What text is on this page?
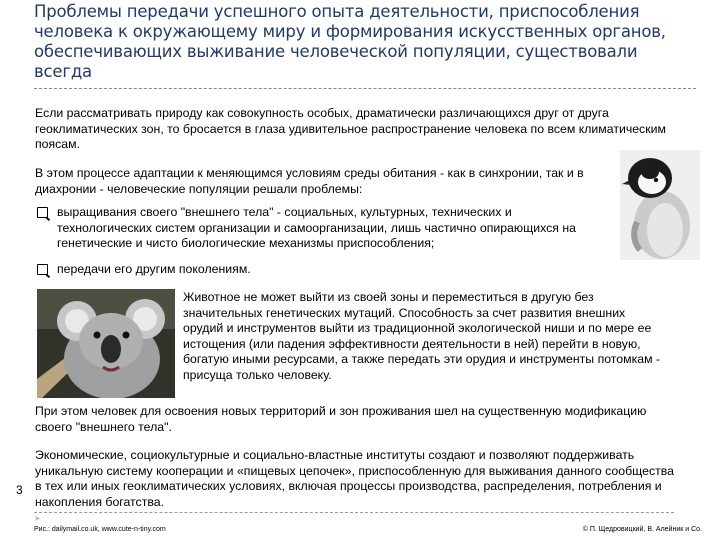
Проблемы передачи успешного опыта деятельности, приспособления человека к окружающему миру и формирования искусственных органов, обеспечивающих выживание человеческой популяции, существовали всегда
Если рассматривать природу как совокупность особых, драматически различающихся друг от друга геоклиматических зон, то бросается в глаза удивительное распространение человека по всем климатическим поясам.
В этом процессе адаптации к меняющимся условиям среды обитания - как в синхронии, так и в диахронии - человеческие популяции решали проблемы:
выращивания своего "внешнего тела" - социальных, культурных, технических и технологических систем организации и самоорганизации, лишь частично опирающихся на генетические и чисто биологические механизмы приспособления;
передачи его другим поколениям.
Животное не может выйти из своей зоны и переместиться в другую без значительных генетических мутаций. Способность за счет развития внешних орудий и инструментов выйти из традиционной экологической ниши и по мере ее истощения (или падения эффективности деятельности в ней) перейти в новую, богатую иными ресурсами, а также передать эти орудия и инструменты потомкам - присуща только человеку.
При этом человек для освоения новых территорий и зон проживания шел на существенную модификацию своего "внешнего тела".
Экономические, социокультурные и социально-властные институты создают и позволяют поддерживать уникальную систему кооперации и «пищевых цепочек», приспособленную для выживания данного сообщества в тех или иных геоклиматических условиях, включая процессы производства, распределения, потребления и накопления богатства.
3
➤
Рис.: dailymail.co.uk, www.cute-n-tiny.com	© П. Щедровицкий, В. Алейник и Со.
